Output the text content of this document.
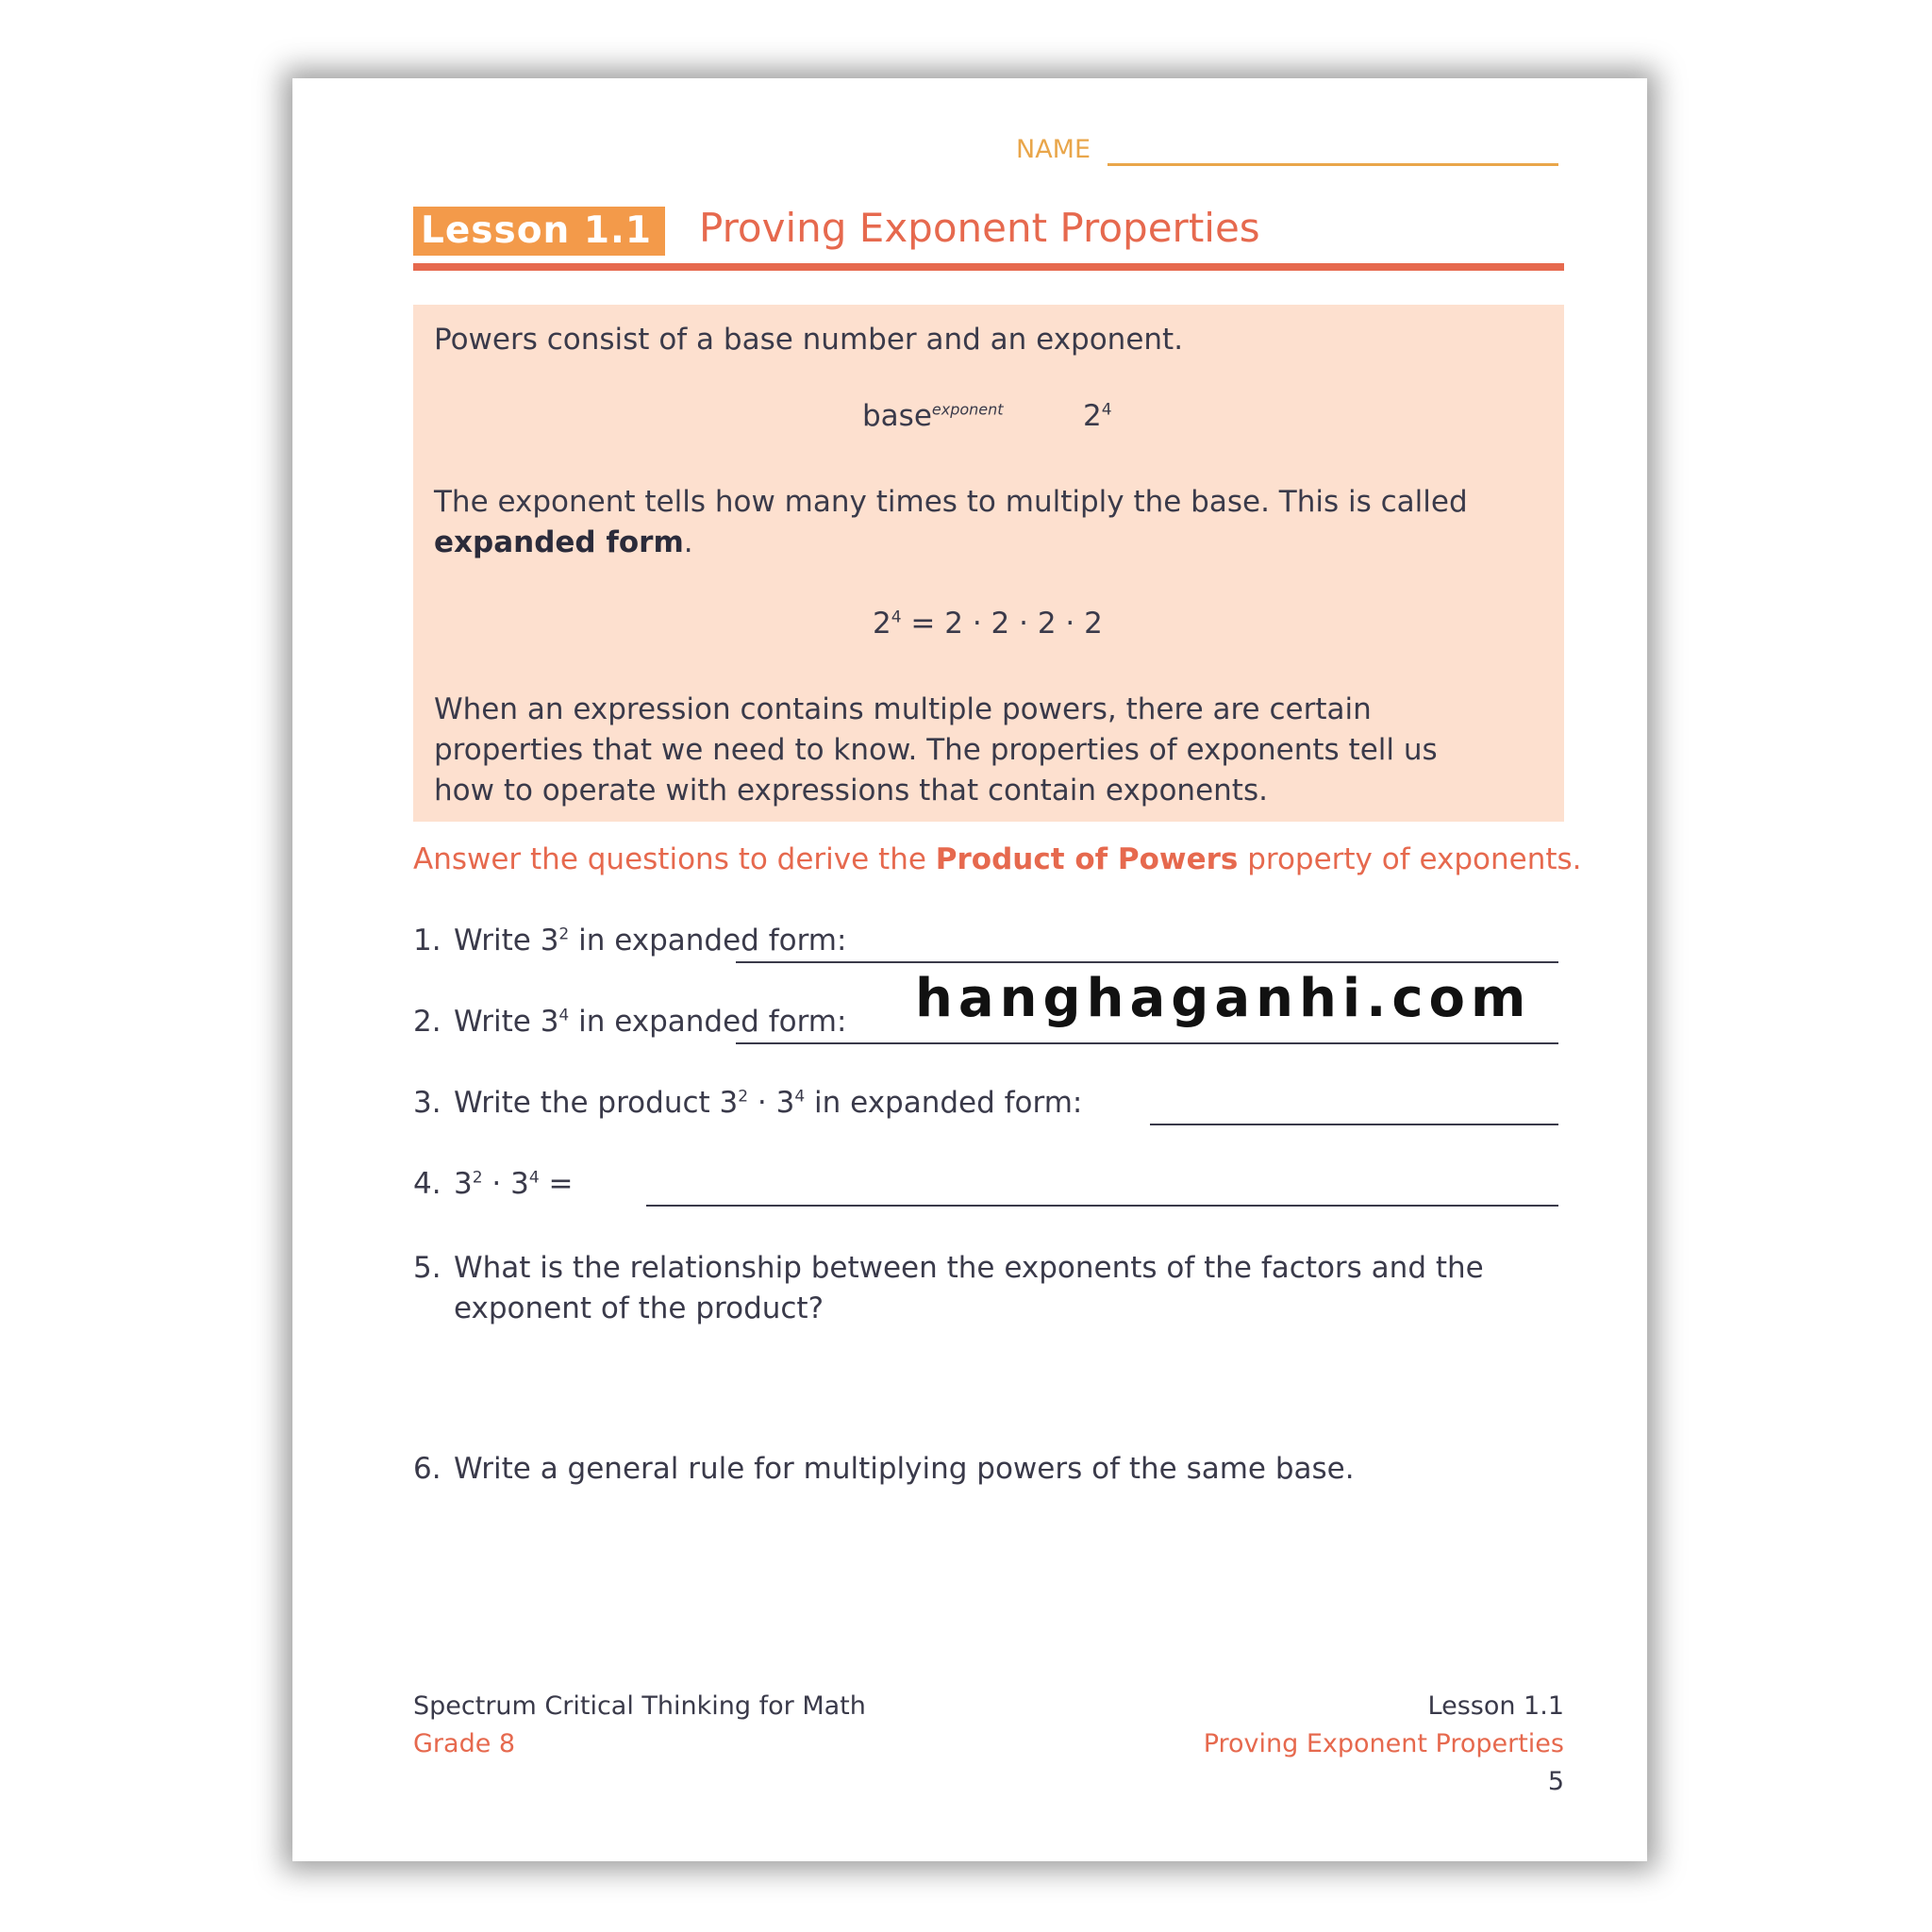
NAME
Lesson 1.1	Proving Exponent Properties
Powers consist of a base number and an exponent.
base$^{exponent}$	$2^4$
The exponent tells how many times to multiply the base. This is called expanded form.
$2^4 = 2 \cdot 2 \cdot 2 \cdot 2$
When an expression contains multiple powers, there are certain properties that we need to know. The properties of exponents tell us how to operate with expressions that contain exponents.
Answer the questions to derive the Product of Powers property of exponents.
1. Write $3^2$ in expanded form:
2. Write $3^4$ in expanded form:
3. Write the product $3^2 \cdot 3^4$ in expanded form:
4. $3^2 \cdot 3^4$ =
5. What is the relationship between the exponents of the factors and the exponent of the product?
6. Write a general rule for multiplying powers of the same base.
hanghaganhi.com
Spectrum Critical Thinking for Math
Grade 8
Lesson 1.1
Proving Exponent Properties
5
